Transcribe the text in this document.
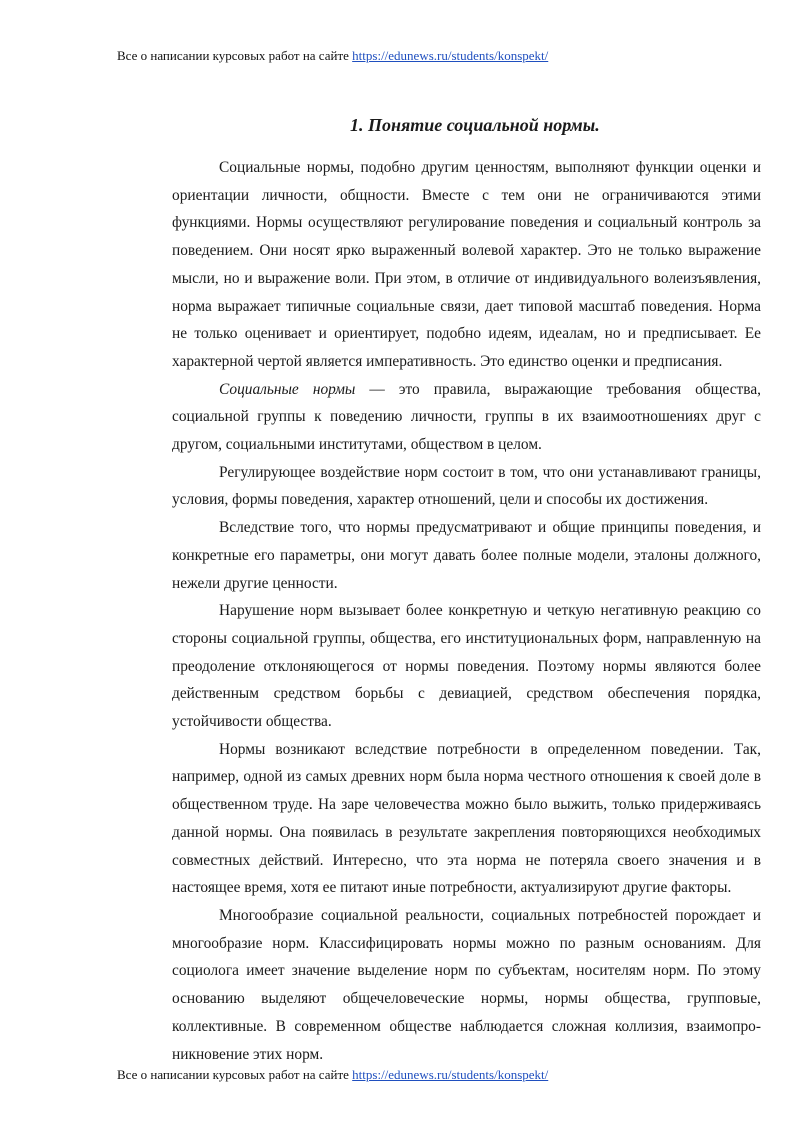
Все о написании курсовых работ на сайте https://edunews.ru/students/konspekt/
1. Понятие социальной нормы.

Социальные нормы, подобно другим ценностям, выполняют функции оценки и ориентации личности, общности. Вместе с тем они не ограничиваются этими функциями. Нормы осуществляют регулирование поведения и социальный контроль за поведением. Они носят ярко выраженный волевой характер. Это не только выражение мысли, но и выражение воли. При этом, в отличие от индивидуального волеизъявления, норма выражает типичные социальные связи, дает типовой масштаб поведения. Норма не только оценивает и ориентирует, подобно идеям, идеалам, но и предписывает. Ее характерной чертой является императивность. Это единство оценки и предписания.

Социальные нормы — это правила, выражающие требования общества, социальной группы к поведению личности, группы в их взаимоотношениях друг с другом, социальными институтами, обществом в целом.

Регулирующее воздействие норм состоит в том, что они устанавливают границы, условия, формы поведения, характер отношений, цели и способы их достижения.

Вследствие того, что нормы предусматривают и общие принципы поведения, и конкретные его параметры, они могут давать более полные модели, эталоны должного, нежели другие ценности.

Нарушение норм вызывает более конкретную и четкую негативную реакцию со стороны социальной группы, общества, его институциональных форм, направленную на преодоление отклоняющегося от нормы поведения. Поэтому нормы являются более действенным средством борьбы с девиацией, средством обеспечения порядка, устойчивости общества.

Нормы возникают вследствие потребности в определенном поведении. Так, например, одной из самых древних норм была норма честного отношения к своей доле в общественном труде. На заре человечества можно было выжить, только придерживаясь данной нормы. Она появилась в результате закрепления повторяющихся необходимых совместных действий. Интересно, что эта норма не потеряла своего значения и в настоящее время, хотя ее питают иные потребности, актуализируют другие факторы.

Многообразие социальной реальности, социальных потребностей порождает и многообразие норм. Классифицировать нормы можно по разным основаниям. Для социолога имеет значение выделение норм по субъектам, носителям норм. По этому основанию выделяют общечеловеческие нормы, нормы общества, групповые, коллективные. В современном обществе наблюдается сложная коллизия, взаимопро-никновение этих норм.

Все о написании курсовых работ на сайте https://edunews.ru/students/konspekt/
